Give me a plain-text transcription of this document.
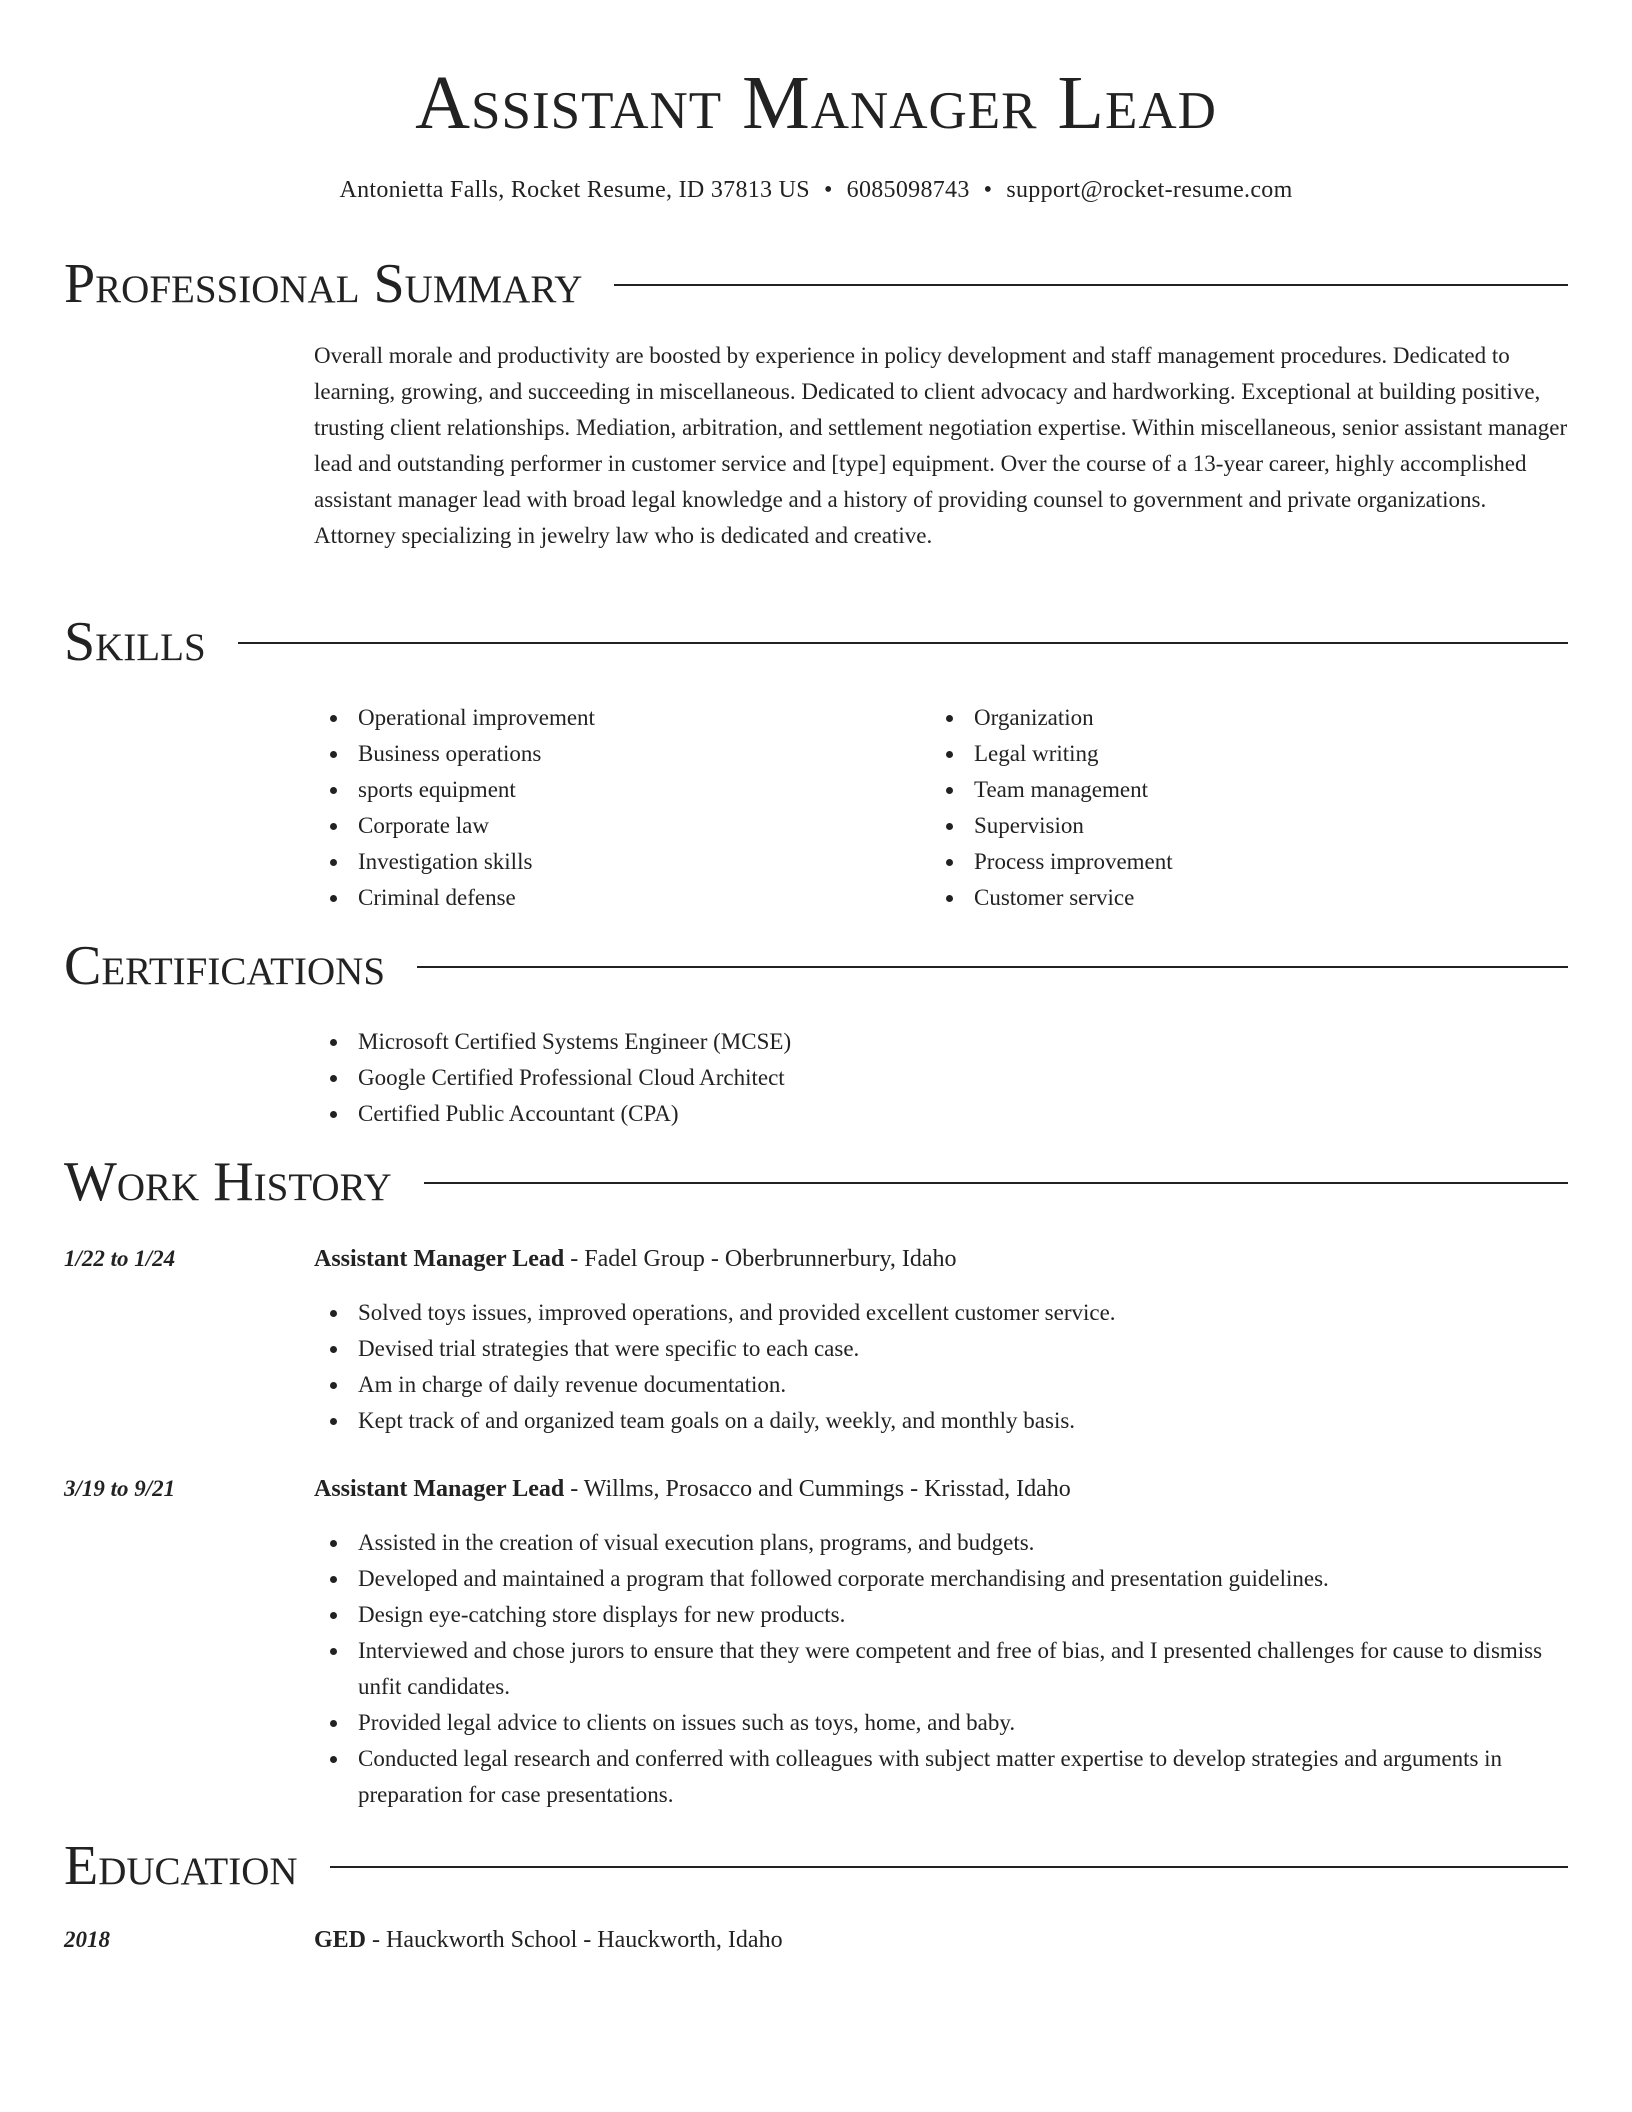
Assistant Manager Lead
Antonietta Falls, Rocket Resume, ID 37813 US • 6085098743 • support@rocket-resume.com
Professional Summary
Overall morale and productivity are boosted by experience in policy development and staff management procedures. Dedicated to learning, growing, and succeeding in miscellaneous. Dedicated to client advocacy and hardworking. Exceptional at building positive, trusting client relationships. Mediation, arbitration, and settlement negotiation expertise. Within miscellaneous, senior assistant manager lead and outstanding performer in customer service and [type] equipment. Over the course of a 13-year career, highly accomplished assistant manager lead with broad legal knowledge and a history of providing counsel to government and private organizations. Attorney specializing in jewelry law who is dedicated and creative.
Skills
Operational improvement
Business operations
sports equipment
Corporate law
Investigation skills
Criminal defense
Organization
Legal writing
Team management
Supervision
Process improvement
Customer service
Certifications
Microsoft Certified Systems Engineer (MCSE)
Google Certified Professional Cloud Architect
Certified Public Accountant (CPA)
Work History
1/22 to 1/24	Assistant Manager Lead - Fadel Group - Oberbrunnerbury, Idaho
Solved toys issues, improved operations, and provided excellent customer service.
Devised trial strategies that were specific to each case.
Am in charge of daily revenue documentation.
Kept track of and organized team goals on a daily, weekly, and monthly basis.
3/19 to 9/21	Assistant Manager Lead - Willms, Prosacco and Cummings - Krisstad, Idaho
Assisted in the creation of visual execution plans, programs, and budgets.
Developed and maintained a program that followed corporate merchandising and presentation guidelines.
Design eye-catching store displays for new products.
Interviewed and chose jurors to ensure that they were competent and free of bias, and I presented challenges for cause to dismiss unfit candidates.
Provided legal advice to clients on issues such as toys, home, and baby.
Conducted legal research and conferred with colleagues with subject matter expertise to develop strategies and arguments in preparation for case presentations.
Education
2018	GED - Hauckworth School - Hauckworth, Idaho
